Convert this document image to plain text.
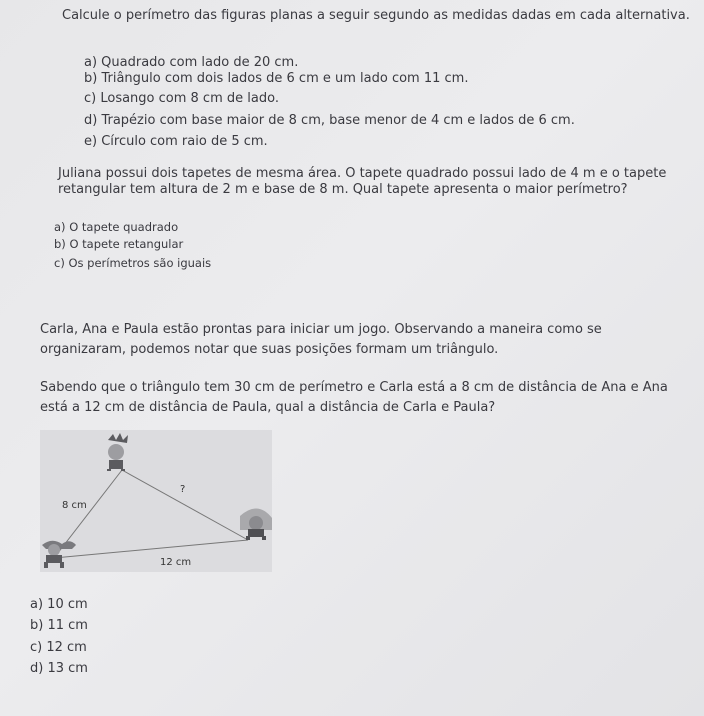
Calcule o perímetro das figuras planas a seguir segundo as medidas dadas em cada alternativa.
a) Quadrado com lado de 20 cm.
b) Triângulo com dois lados de 6 cm e um lado com 11 cm.
c) Losango com 8 cm de lado.
d) Trapézio com base maior de 8 cm, base menor de 4 cm e lados de 6 cm.
e) Círculo com raio de 5 cm.
Juliana possui dois tapetes de mesma área. O tapete quadrado possui lado de 4 m e o tapete
retangular tem altura de 2 m e base de 8 m. Qual tapete apresenta o maior perímetro?
a) O tapete quadrado
b) O tapete retangular
c) Os perímetros são iguais
Carla, Ana e Paula estão prontas para iniciar um jogo. Observando a maneira como se
organizaram, podemos notar que suas posições formam um triângulo.
Sabendo que o triângulo tem 30 cm de perímetro e Carla está a 8 cm de distância de Ana e Ana
está a 12 cm de distância de Paula, qual a distância de Carla e Paula?
8 cm
12 cm
?
a) 10 cm
b) 11 cm
c) 12 cm
d) 13 cm
